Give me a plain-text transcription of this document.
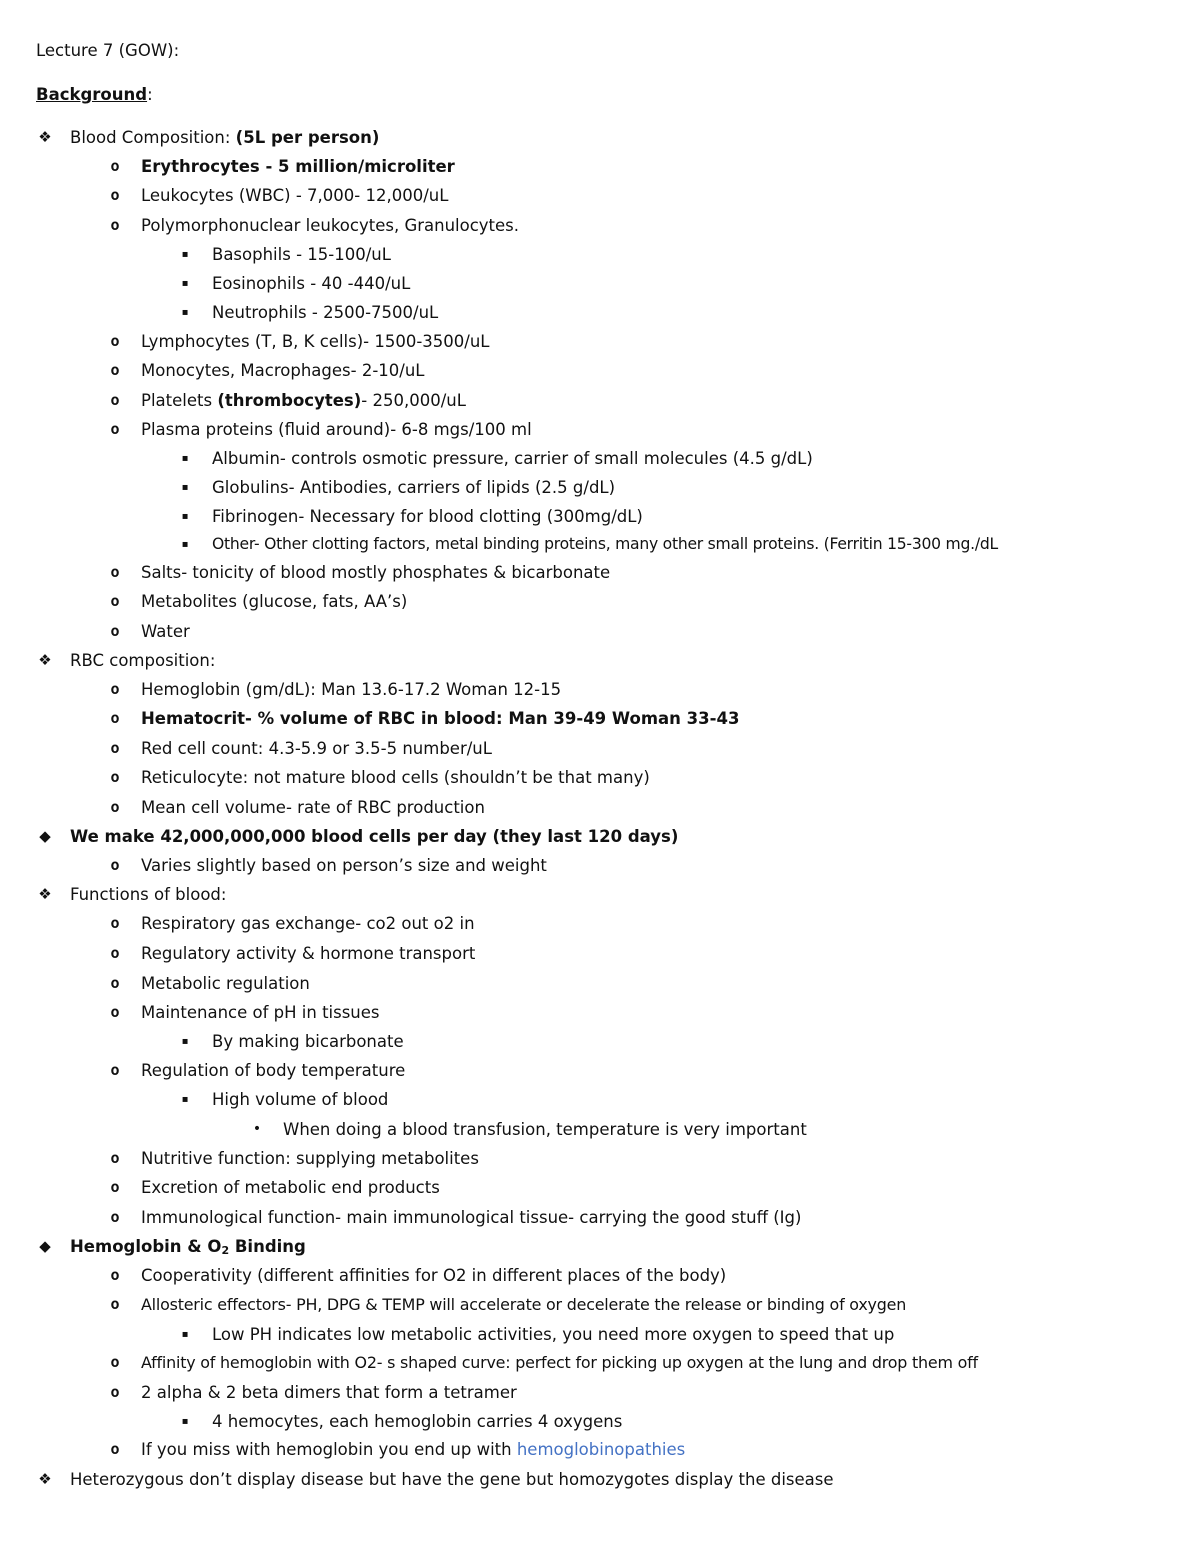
Lecture 7 (GOW):
Background:
❖ Blood Composition: (5L per person)
o Erythrocytes - 5 million/microliter
o Leukocytes (WBC) - 7,000- 12,000/uL
o Polymorphonuclear leukocytes, Granulocytes.
▪	Basophils - 15-100/uL
▪	Eosinophils - 40 -440/uL
▪	Neutrophils - 2500-7500/uL
o Lymphocytes (T, B, K cells)- 1500-3500/uL
o Monocytes, Macrophages- 2-10/uL
o Platelets (thrombocytes)- 250,000/uL
o Plasma proteins (fluid around)- 6-8 mgs/100 ml
▪	Albumin- controls osmotic pressure, carrier of small molecules (4.5 g/dL)
▪	Globulins- Antibodies, carriers of lipids (2.5 g/dL)
▪	Fibrinogen- Necessary for blood clotting (300mg/dL)
▪	Other- Other clotting factors, metal binding proteins, many other small proteins. (Ferritin 15-300 mg./dL
o Salts- tonicity of blood mostly phosphates & bicarbonate
o Metabolites (glucose, fats, AA’s)
o Water
❖ RBC composition:
o Hemoglobin (gm/dL): Man 13.6-17.2 Woman 12-15
o Hematocrit- % volume of RBC in blood: Man 39-49 Woman 33-43
o Red cell count: 4.3-5.9 or 3.5-5 number/uL
o Reticulocyte: not mature blood cells (shouldn’t be that many)
o Mean cell volume- rate of RBC production
◆ We make 42,000,000,000 blood cells per day (they last 120 days)
o Varies slightly based on person’s size and weight
❖ Functions of blood:
o Respiratory gas exchange- co2 out o2 in
o Regulatory activity & hormone transport
o Metabolic regulation
o Maintenance of pH in tissues
▪	By making bicarbonate
o Regulation of body temperature
▪	High volume of blood
• When doing a blood transfusion, temperature is very important
o Nutritive function: supplying metabolites
o Excretion of metabolic end products
o Immunological function- main immunological tissue- carrying the good stuff (Ig)
◆ Hemoglobin & $O_2$ Binding
o Cooperativity (different affinities for O2 in different places of the body)
o Allosteric effectors- PH, DPG & TEMP will accelerate or decelerate the release or binding of oxygen
▪	Low PH indicates low metabolic activities, you need more oxygen to speed that up
o Affinity of hemoglobin with O2- s shaped curve: perfect for picking up oxygen at the lung and drop them off
o 2 alpha & 2 beta dimers that form a tetramer
▪	4 hemocytes, each hemoglobin carries 4 oxygens
o If you miss with hemoglobin you end up with hemoglobinopathies
❖ Heterozygous don’t display disease but have the gene but homozygotes display the disease
